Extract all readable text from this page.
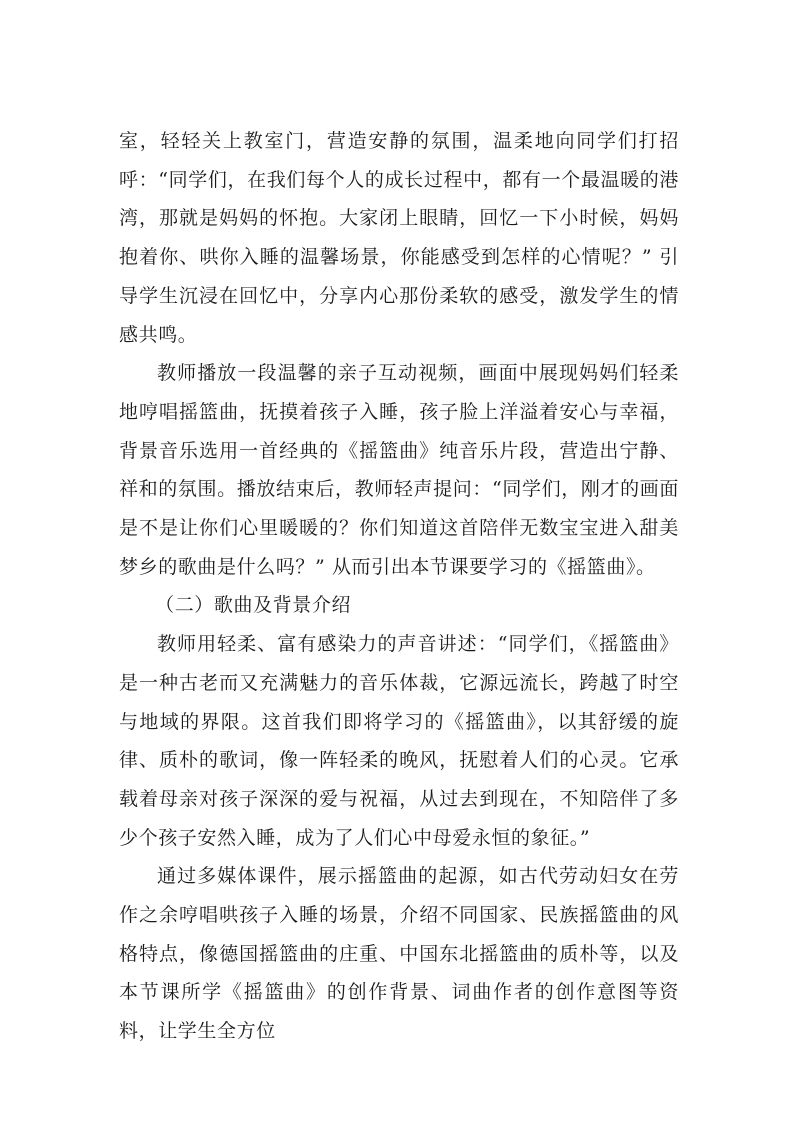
室，轻轻关上教室门，营造安静的氛围，温柔地向同学们打招呼：“同学们，在我们每个人的成长过程中，都有一个最温暖的港湾，那就是妈妈的怀抱。大家闭上眼睛，回忆一下小时候，妈妈抱着你、哄你入睡的温馨场景，你能感受到怎样的心情呢？” 引导学生沉浸在回忆中，分享内心那份柔软的感受，激发学生的情感共鸣。

教师播放一段温馨的亲子互动视频，画面中展现妈妈们轻柔地哼唱摇篮曲，抚摸着孩子入睡，孩子脸上洋溢着安心与幸福，背景音乐选用一首经典的《摇篮曲》纯音乐片段，营造出宁静、祥和的氛围。播放结束后，教师轻声提问：“同学们，刚才的画面是不是让你们心里暖暖的？你们知道这首陪伴无数宝宝进入甜美梦乡的歌曲是什么吗？” 从而引出本节课要学习的《摇篮曲》。

（二）歌曲及背景介绍

教师用轻柔、富有感染力的声音讲述：“同学们，《摇篮曲》是一种古老而又充满魅力的音乐体裁，它源远流长，跨越了时空与地域的界限。这首我们即将学习的《摇篮曲》，以其舒缓的旋律、质朴的歌词，像一阵轻柔的晚风，抚慰着人们的心灵。它承载着母亲对孩子深深的爱与祝福，从过去到现在，不知陪伴了多少个孩子安然入睡，成为了人们心中母爱永恒的象征。”

通过多媒体课件，展示摇篮曲的起源，如古代劳动妇女在劳作之余哼唱哄孩子入睡的场景，介绍不同国家、民族摇篮曲的风格特点，像德国摇篮曲的庄重、中国东北摇篮曲的质朴等，以及本节课所学《摇篮曲》的创作背景、词曲作者的创作意图等资料，让学生全方位
